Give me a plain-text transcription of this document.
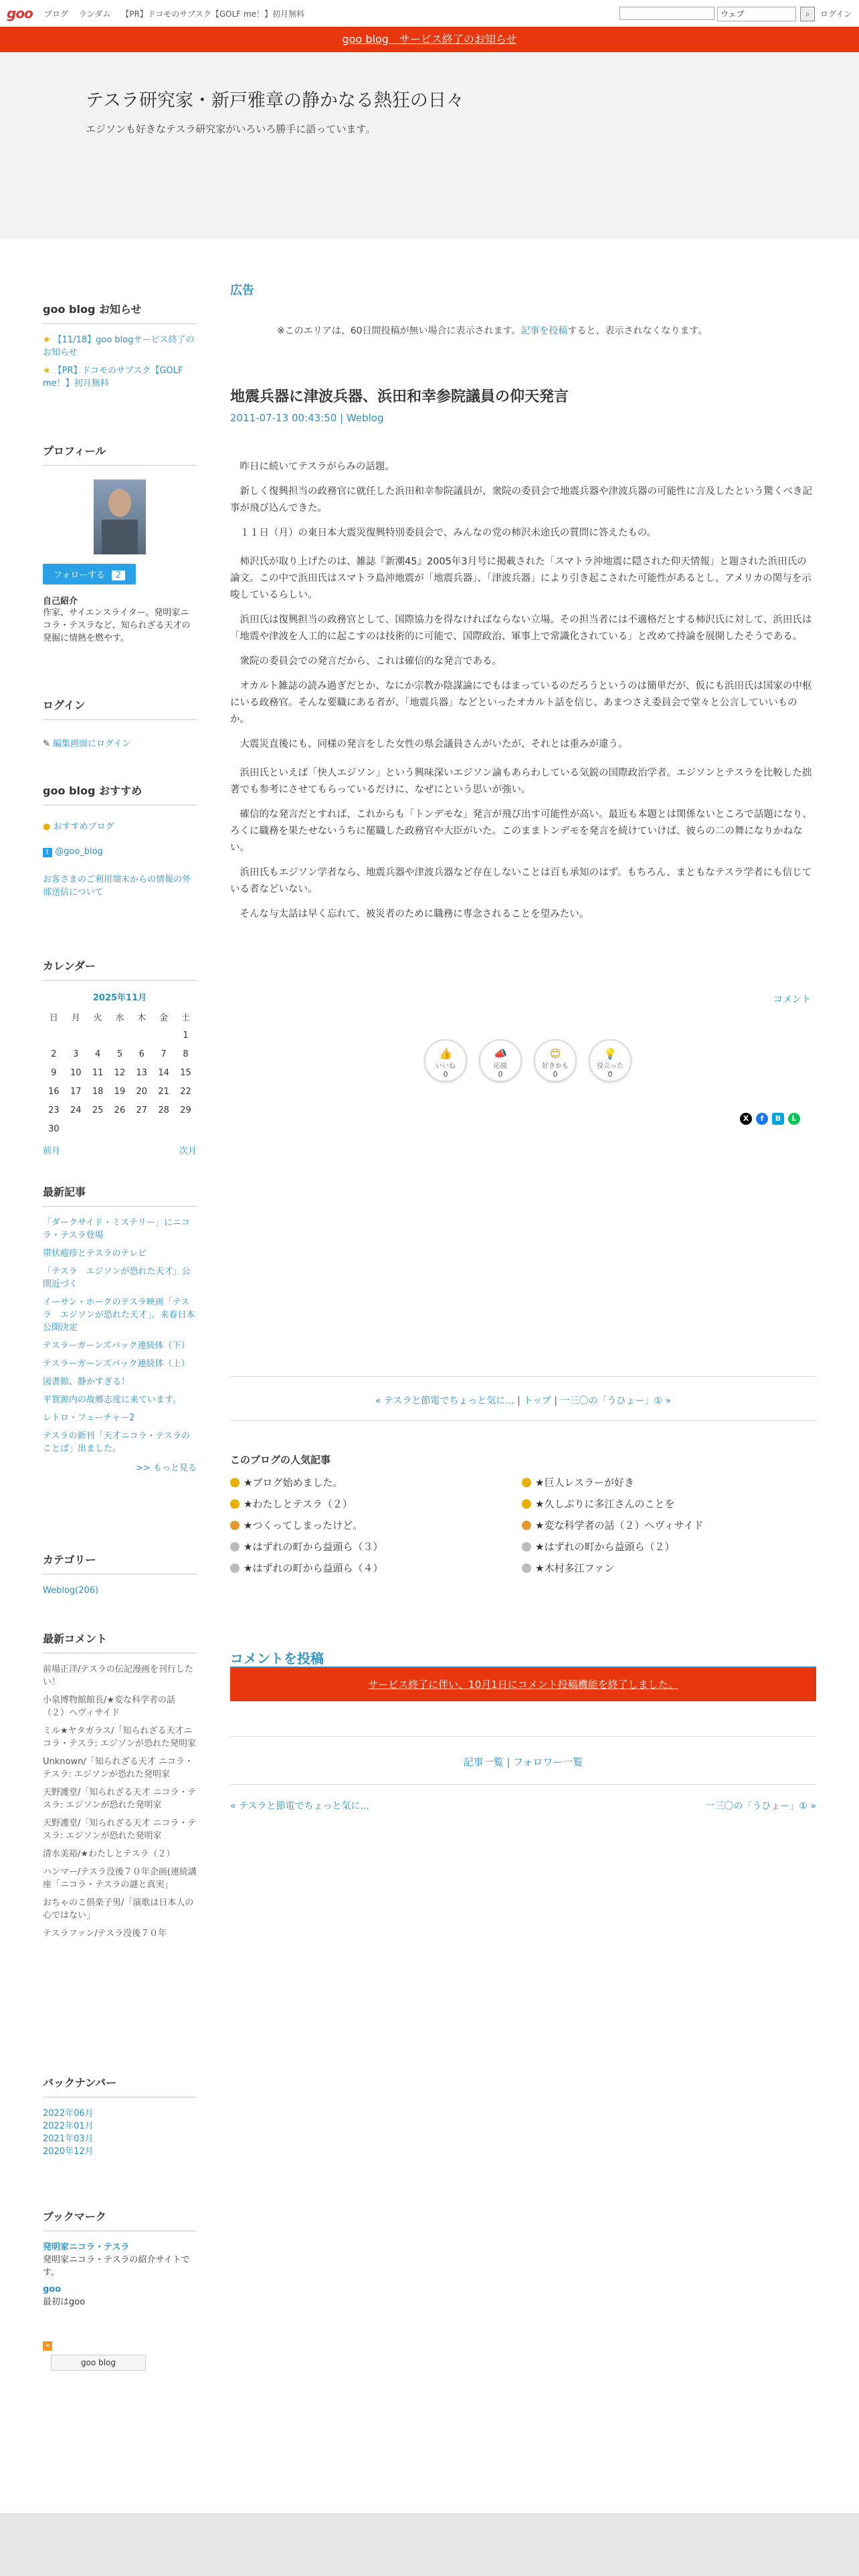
goo ブログ ランダム 【PR】ドコモのサブスク【GOLF me！】初月無料	ウェブ	⌕	ログイン
goo blog　サービス終了のお知らせ
テスラ研究家・新戸雅章の静かなる熱狂の日々
エジソンも好きなテスラ研究家がいろいろ勝手に語っています。
goo blog お知らせ
★ 【11/18】goo blogサービス終了のお知らせ
★ 【PR】ドコモのサブスク【GOLF me！】初月無料
プロフィール
フォローする 2
自己紹介
作家、サイエンスライター。発明家ニコラ・テスラなど、知られざる天才の発掘に情熱を燃やす。
ログイン
✎ 編集画面にログイン
goo blog おすすめ
● おすすめブログ
t @goo_blog
お客さまのご利用端末からの情報の外部送信について
カレンダー
2025年11月
日	月	火	水	木	金	土
						1
2	3	4	5	6	7	8
9	10	11	12	13	14	15
16	17	18	19	20	21	22
23	24	25	26	27	28	29
30						
前月	次月
最新記事
「ダークサイド・ミステリー」にニコラ・テスラ登場
帯状疱疹とテスラのテレビ
「テスラ　エジソンが恐れた天才」公開近づく
イーサン・ホークのテスラ映画「テスラ　エジソンが恐れた天才」、来春日本公開決定
テスラーガーンズバック連続体（下）
テスラーガーンズバック連続体（上）
図書館、静かすぎる！
平賀源内の故郷志度に来ています。
レトロ・フューチャー2
テスラの新刊「天才ニコラ・テスラのことば」出ました。
>> もっと見る
カテゴリー
Weblog(206)
最新コメント
前場正洋/テスラの伝記漫画を刊行したい！
小泉博物館館長/★変な科学者の話（２）ヘヴィサイド
ミル★ヤタガラス/「知られざる天才ニコラ・テスラ: エジソンが恐れた発明家
Unknown/「知られざる天才 ニコラ・テスラ: エジソンが恐れた発明家
天野護堂/「知られざる天才 ニコラ・テスラ: エジソンが恐れた発明家
天野護堂/「知られざる天才 ニコラ・テスラ: エジソンが恐れた発明家
清水美裕/★わたしとテスラ（２）
ハンマー/テスラ没後７０年企画(連続講座「ニコラ・テスラの謎と真実」
おちゃのこ倶楽子男/「演歌は日本人の心ではない」
テスラファン/テスラ没後７０年
バックナンバー
2022年06月
2022年01月
2021年03月
2020年12月
ブックマーク
発明家ニコラ・テスラ
発明家ニコラ・テスラの紹介サイトです。
goo
最初はgoo
≈
goo blog
広告
※このエリアは、60日間投稿が無い場合に表示されます。記事を投稿すると、表示されなくなります。
地震兵器に津波兵器、浜田和幸参院議員の仰天発言
2011-07-13 00:43:50 | Weblog

昨日に続いてテスラがらみの話題。

新しく復興担当の政務官に就任した浜田和幸参院議員が、衆院の委員会で地震兵器や津波兵器の可能性に言及したという驚くべき記事が飛び込んできた。

１１日（月）の東日本大震災復興特別委員会で、みんなの党の柿沢未途氏の質問に答えたもの。

柿沢氏が取り上げたのは、雑誌『新潮45』2005年3月号に掲載された「スマトラ沖地震に隠された仰天情報」と題された浜田氏の論文。この中で浜田氏はスマトラ島沖地震が「地震兵器」、「津波兵器」により引き起こされた可能性があるとし、アメリカの関与を示唆しているらしい。

浜田氏は復興担当の政務官として、国際協力を得なければならない立場。その担当者には不適格だとする柿沢氏に対して、浜田氏は「地震や津波を人工的に起こすのは技術的に可能で、国際政治、軍事上で常識化されている」と改めて持論を展開したそうである。

衆院の委員会での発言だから、これは確信的な発言である。

オカルト雑誌の読み過ぎだとか、なにか宗教か陰謀論にでもはまっているのだろうというのは簡単だが、仮にも浜田氏は国家の中枢にいる政務官。そんな要職にある者が、「地震兵器」などといったオカルト話を信じ、あまつさえ委員会で堂々と公言していいものか。

大震災直後にも、同様の発言をした女性の県会議員さんがいたが、それとは重みが違う。

浜田氏といえば「快人エジソン」という興味深いエジソン論もあらわしている気鋭の国際政治学者。エジソンとテスラを比較した拙著でも参考にさせてもらっているだけに、なぜにという思いが強い。

確信的な発言だとすれば、これからも「トンデモな」発言が飛び出す可能性が高い。最近も本題とは関係ないところで話題になり、ろくに職務を果たせないうちに罷職した政務官や大臣がいた。このままトンデモを発言を続けていけば、彼らの二の舞になりかねない。

浜田氏もエジソン学者なら、地震兵器や津波兵器など存在しないことは百も承知のはず。もちろん、まともなテスラ学者にも信じている者などいない。

そんな与太話は早く忘れて、被災者のために職務に専念されることを望みたい。

コメント
👍
いいね
0
📣
応援
0
😊
好きかも
0
💡
役立った
0
X f B L
« テスラと節電でちょっと気に... | トップ | 一三〇の「うひょー」① »
このブログの人気記事
★ブログ始めました。	★巨人レスラーが好き
★わたしとテスラ（２）	★久しぶりに多江さんのことを
★つくってしまったけど。	★変な科学者の話（２）ヘヴィサイド
★はずれの町から益頭ら（３）	★はずれの町から益頭ら（２）
★はずれの町から益頭ら（４）	★木村多江ファン
コメントを投稿
サービス終了に伴い、10月1日にコメント投稿機能を終了しました。
記事一覧 | フォロワー一覧
« テスラと節電でちょっと気に...	一三〇の「うひょー」① »
